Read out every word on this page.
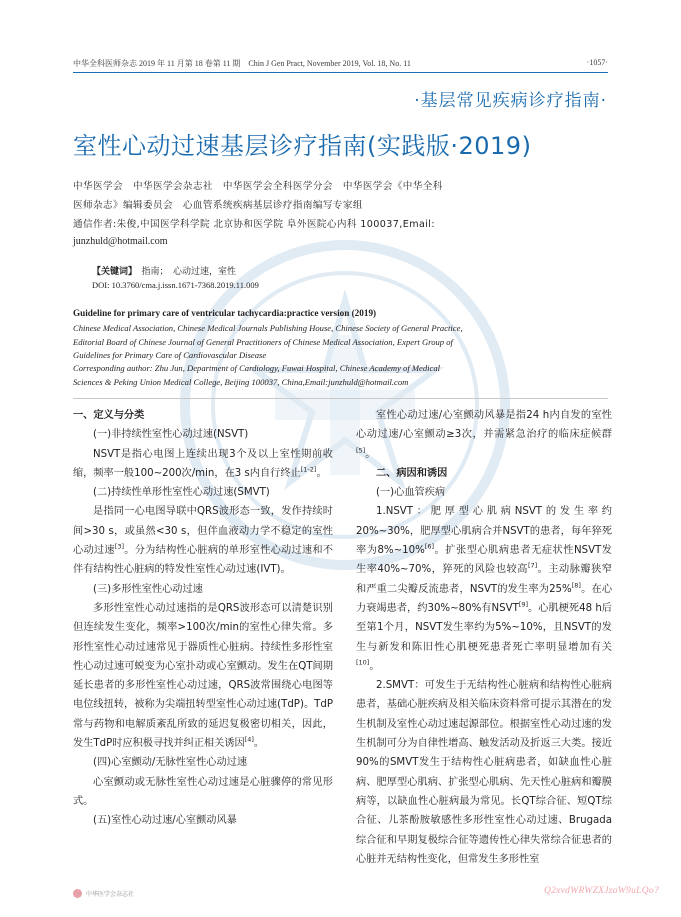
中华全科医师杂志 2019 年 11 月第 18 卷第 11 期　Chin J Gen Pract, November 2019, Vol. 18, No. 11	·1057·
·基层常见疾病诊疗指南·
室性心动过速基层诊疗指南(实践版·2019)
中华医学会　中华医学会杂志社　中华医学会全科医学分会　中华医学会《中华全科
医师杂志》编辑委员会　心血管系统疾病基层诊疗指南编写专家组
通信作者:朱俊,中国医学科学院 北京协和医学院 阜外医院心内科 100037,Email:
junzhuld@hotmail.com
【关键词】　 指南；　心动过速，室性
DOI: 10.3760/cma.j.issn.1671-7368.2019.11.009
Guideline for primary care of ventricular tachycardia:practice version (2019)
Chinese Medical Association, Chinese Medical Journals Publishing House, Chinese Society of General Practice,
Editorial Board of Chinese Journal of General Practitioners of Chinese Medical Association, Expert Group of
Guidelines for Primary Care of Cardiovascular Disease
Corresponding author: Zhu Jun, Department of Cardiology, Fuwai Hospital, Chinese Academy of Medical
Sciences & Peking Union Medical College, Beijing 100037, China,Email:junzhuld@hotmail.com

一、定义与分类

(一)非持续性室性心动过速(NSVT)

NSVT是指心电图上连续出现3个及以上室性期前收缩，频率一般100~200次/min，在3 s内自行终止[1-2]。

(二)持续性单形性室性心动过速(SMVT)

是指同一心电图导联中QRS波形态一致，发作持续时间>30 s，或虽然<30 s，但伴血液动力学不稳定的室性心动过速[3]。分为结构性心脏病的单形室性心动过速和不伴有结构性心脏病的特发性室性心动过速(IVT)。

(三)多形性室性心动过速

多形性室性心动过速指的是QRS波形态可以清楚识别但连续发生变化，频率>100次/min的室性心律失常。多形性室性心动过速常见于器质性心脏病。持续性多形性室性心动过速可蜕变为心室扑动或心室颤动。发生在QT间期延长患者的多形性室性心动过速，QRS波常围绕心电图等电位线扭转，被称为尖端扭转型室性心动过速(TdP)。TdP常与药物和电解质紊乱所致的延迟复极密切相关，因此，发生TdP时应积极寻找并纠正相关诱因[4]。

(四)心室颤动/无脉性室性心动过速

心室颤动或无脉性室性心动过速是心脏骤停的常见形式。

(五)室性心动过速/心室颤动风暴

室性心动过速/心室颤动风暴是指24 h内自发的室性心动过速/心室颤动≥3次，并需紧急治疗的临床症候群[5]。

二、病因和诱因

(一)心血管疾病

1.NSVT：肥厚型心肌病NSVT的发生率约20%~30%，肥厚型心肌病合并NSVT的患者，每年猝死率为8%~10%[6]。扩张型心肌病患者无症状性NSVT发生率40%~70%，猝死的风险也较高[7]。主动脉瓣狭窄和严重二尖瓣反流患者，NSVT的发生率为25%[8]。在心力衰竭患者，约30%~80%有NSVT[9]。心肌梗死48 h后至第1个月，NSVT发生率约为5%~10%，且NSVT的发生与新发和陈旧性心肌梗死患者死亡率明显增加有关[10]。

2.SMVT：可发生于无结构性心脏病和结构性心脏病患者，基础心脏疾病及相关临床资料常可提示其潜在的发生机制及室性心动过速起源部位。根据室性心动过速的发生机制可分为自律性增高、触发活动及折返三大类。接近90%的SMVT发生于结构性心脏病患者，如缺血性心脏病、肥厚型心肌病、扩张型心肌病、先天性心脏病和瓣膜病等，以缺血性心脏病最为常见。长QT综合征、短QT综合征、儿茶酚胺敏感性多形性室性心动过速、Brugada综合征和早期复极综合征等遗传性心律失常综合征患者的心脏并无结构性变化，但常发生多形性室

中华医学会杂志社	Q2xvdWRWZXJzaW9uLQo?
